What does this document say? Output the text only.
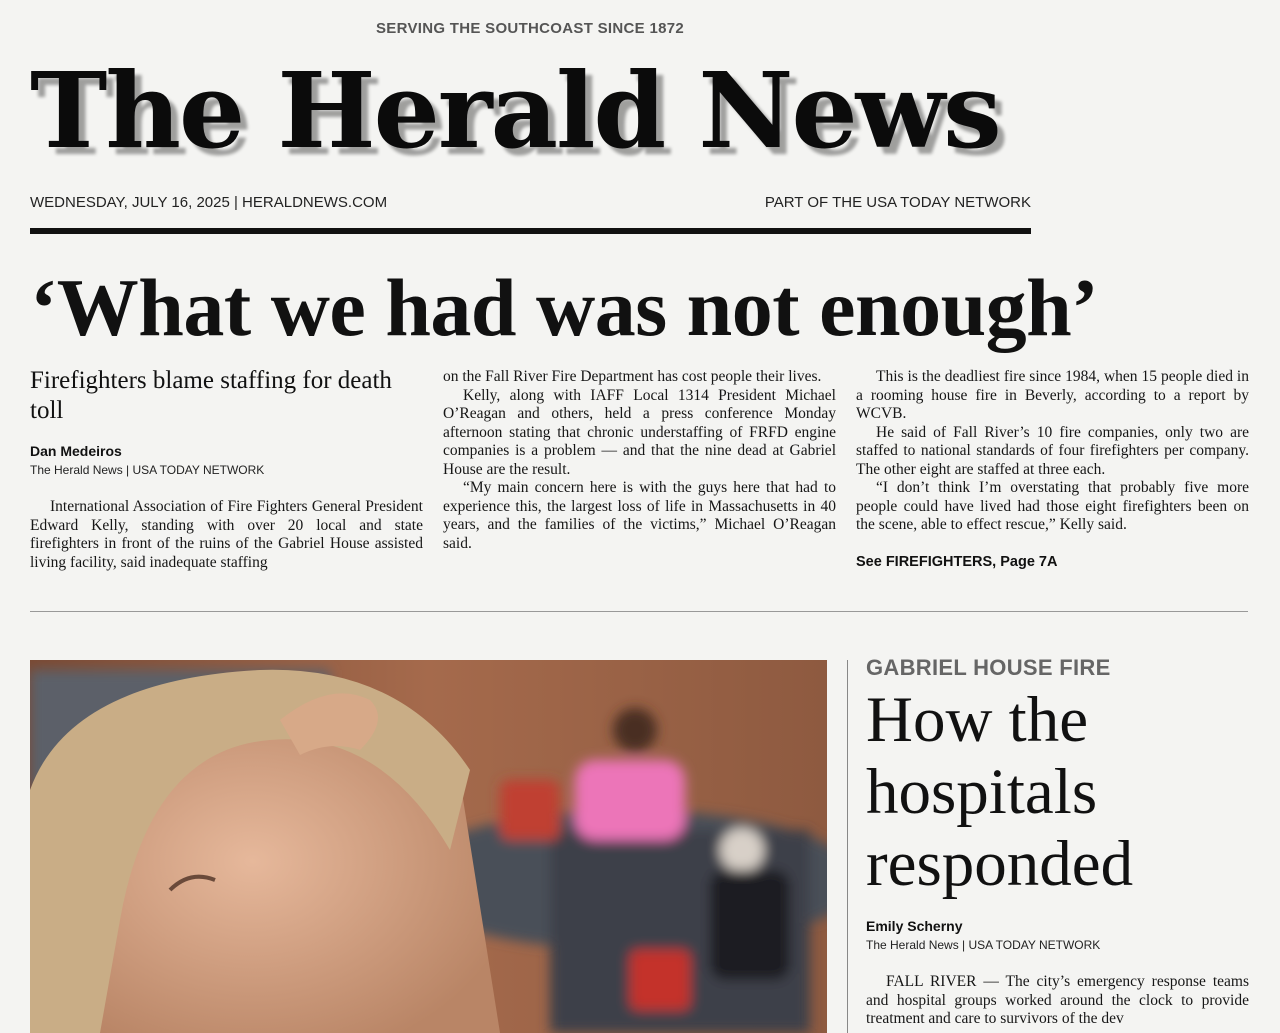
SERVING THE SOUTHCOAST SINCE 1872
The Herald News
WEDNESDAY, JULY 16, 2025 | HERALDNEWS.COM	PART OF THE USA TODAY NETWORK
‘What we had was not enough’
Firefighters blame staffing for death toll
Dan Medeiros
The Herald News | USA TODAY NETWORK

International Association of Fire Fighters General President Edward Kelly, standing with over 20 local and state firefighters in front of the ruins of the Gabriel House assisted living facility, said inadequate staffing

on the Fall River Fire Department has cost people their lives.

Kelly, along with IAFF Local 1314 President Michael O’Reagan and others, held a press conference Monday afternoon stating that chronic understaffing of FRFD engine companies is a problem — and that the nine dead at Gabriel House are the result.

“My main concern here is with the guys here that had to experience this, the largest loss of life in Massachusetts in 40 years, and the families of the victims,” Michael O’Reagan said.

This is the deadliest fire since 1984, when 15 people died in a rooming house fire in Beverly, according to a report by WCVB.

He said of Fall River’s 10 fire companies, only two are staffed to national standards of four firefighters per company. The other eight are staffed at three each.

“I don’t think I’m overstating that probably five more people could have lived had those eight firefighters been on the scene, able to effect rescue,” Kelly said.

See FIREFIGHTERS, Page 7A
GABRIEL HOUSE FIRE
How the hospitals responded
Emily Scherny
The Herald News | USA TODAY NETWORK

FALL RIVER — The city’s emergency response teams and hospital groups worked around the clock to provide treatment and care to survivors of the dev
